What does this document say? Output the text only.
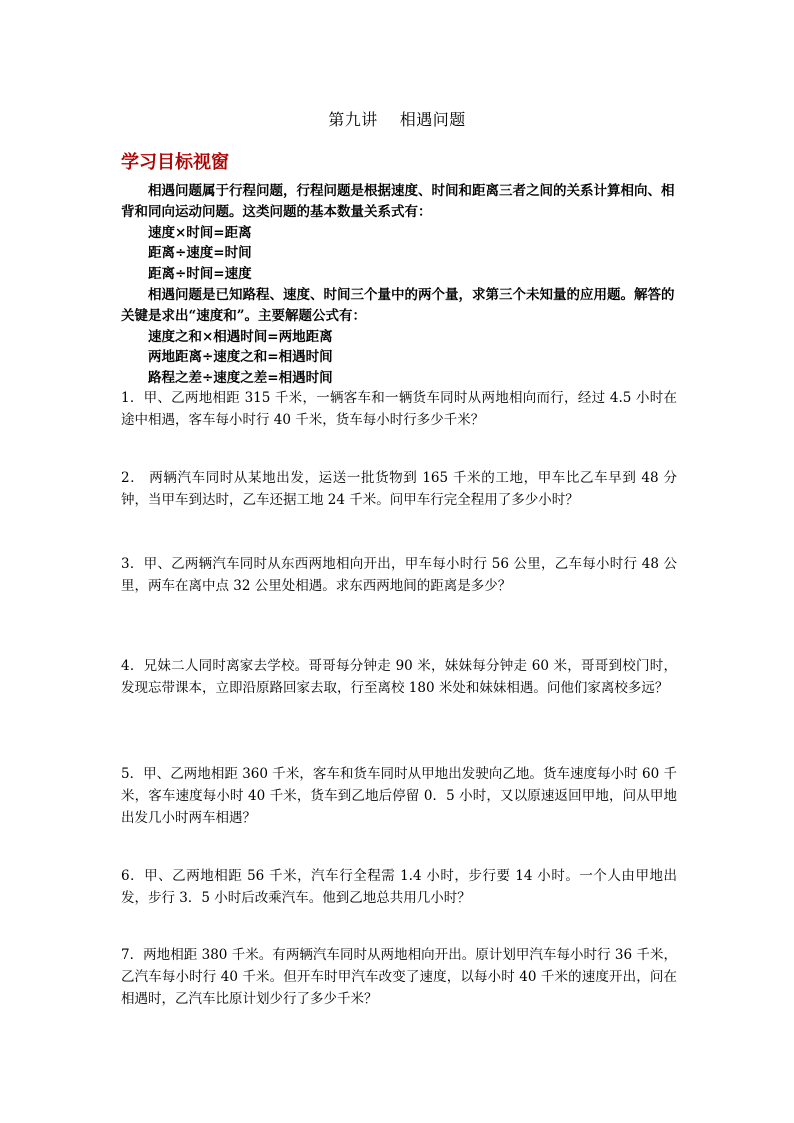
第九讲 相遇问题
学习目标视窗

相遇问题属于行程问题，行程问题是根据速度、时间和距离三者之间的关系计算相向、相背和同向运动问题。这类问题的基本数量关系式有：

速度×时间=距离

距离÷速度=时间

距离÷时间=速度

相遇问题是已知路程、速度、时间三个量中的两个量，求第三个未知量的应用题。解答的关键是求出“速度和”。主要解题公式有：

速度之和×相遇时间=两地距离

两地距离÷速度之和=相遇时间

路程之差÷速度之差=相遇时间

1．甲、乙两地相距 315 千米，一辆客车和一辆货车同时从两地相向而行，经过 4.5 小时在途中相遇，客车每小时行 40 千米，货车每小时行多少千米？

2． 两辆汽车同时从某地出发，运送一批货物到 165 千米的工地，甲车比乙车早到 48 分钟，当甲车到达时，乙车还据工地 24 千米。问甲车行完全程用了多少小时？

3．甲、乙两辆汽车同时从东西两地相向开出，甲车每小时行 56 公里，乙车每小时行 48 公里，两车在离中点 32 公里处相遇。求东西两地间的距离是多少？

4．兄妹二人同时离家去学校。哥哥每分钟走 90 米，妹妹每分钟走 60 米，哥哥到校门时，发现忘带课本，立即沿原路回家去取，行至离校 180 米处和妹妹相遇。问他们家离校多远？

5．甲、乙两地相距 360 千米，客车和货车同时从甲地出发驶向乙地。货车速度每小时 60 千米，客车速度每小时 40 千米，货车到乙地后停留 0．5 小时，又以原速返回甲地，问从甲地出发几小时两车相遇？

6．甲、乙两地相距 56 千米，汽车行全程需 1.4 小时，步行要 14 小时。一个人由甲地出发，步行 3．5 小时后改乘汽车。他到乙地总共用几小时？

7．两地相距 380 千米。有两辆汽车同时从两地相向开出。原计划甲汽车每小时行 36 千米，乙汽车每小时行 40 千米。但开车时甲汽车改变了速度，以每小时 40 千米的速度开出，问在相遇时，乙汽车比原计划少行了多少千米？
